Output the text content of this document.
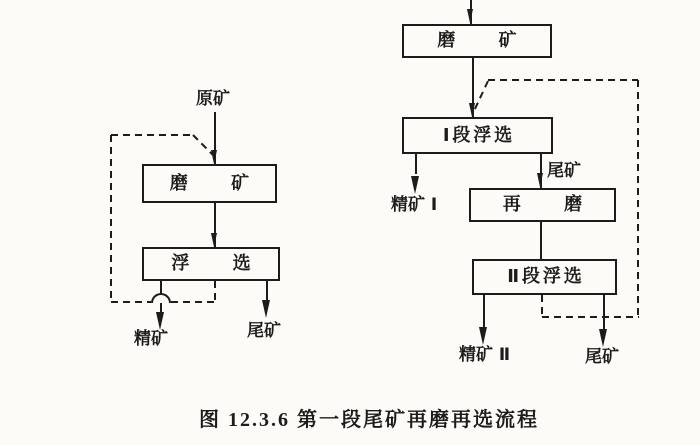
原矿
磨矿
浮选
精矿	尾矿
磨矿
Ⅰ段浮选
精矿 Ⅰ
尾矿
再磨
Ⅱ段浮选
精矿 Ⅱ	尾矿
图 12.3.6 第一段尾矿再磨再选流程
